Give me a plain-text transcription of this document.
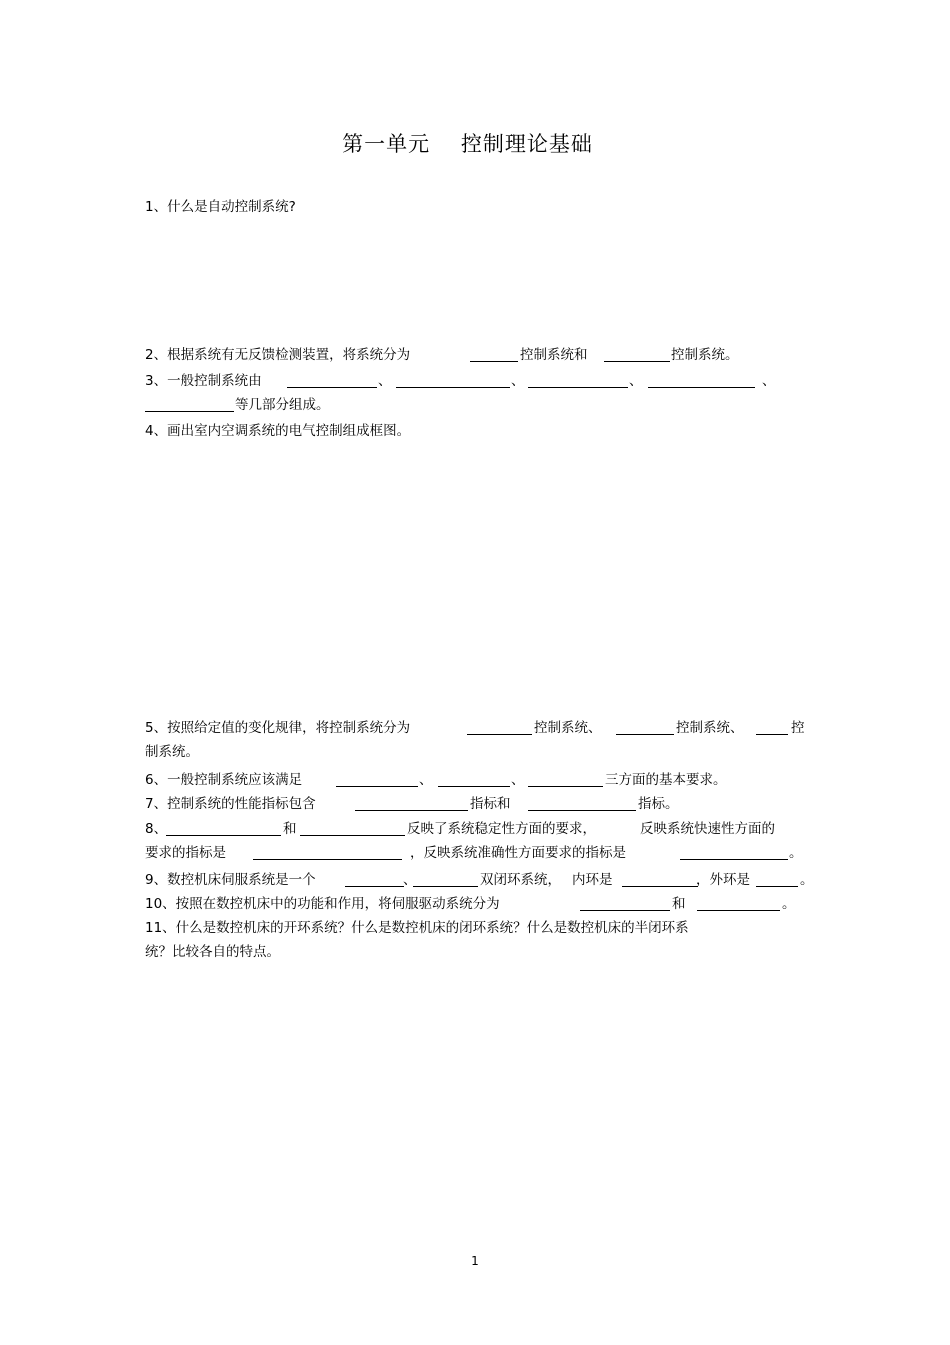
第一单元    控制理论基础
1、什么是自动控制系统?
2、根据系统有无反馈检测装置，将系统分为	控制系统和	控制系统。
3、一般控制系统由	、	、	、	、
等几部分组成。
4、画出室内空调系统的电气控制组成框图。
5、按照给定值的变化规律，将控制系统分为	控制系统、	控制系统、	控
制系统。
6、一般控制系统应该满足	、	、	三方面的基本要求。
7、控制系统的性能指标包含	指标和	指标。
8、	和	反映了系统稳定性方面的要求，	反映系统快速性方面的
要求的指标是	，反映系统准确性方面要求的指标是	。
9、数控机床伺服系统是一个	、	双闭环系统， 内环是	，外环是	。
10、按照在数控机床中的功能和作用，将伺服驱动系统分为	和	。
11、什么是数控机床的开环系统？什么是数控机床的闭环系统？什么是数控机床的半闭环系
统？比较各自的特点。
1
